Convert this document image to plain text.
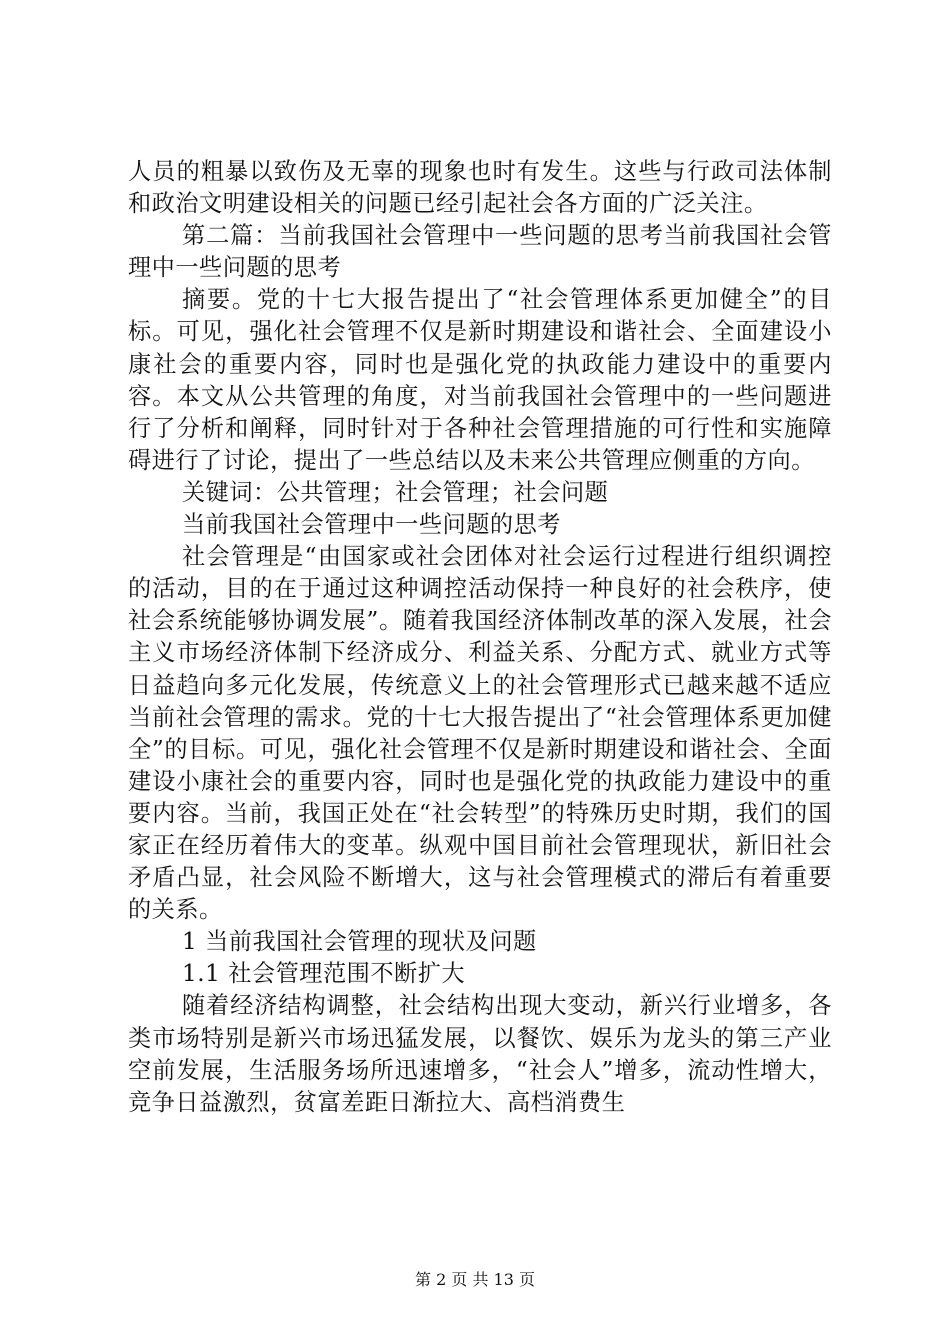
人员的粗暴以致伤及无辜的现象也时有发生。这些与行政司法体制和政治文明建设相关的问题已经引起社会各方面的广泛关注。

第二篇：当前我国社会管理中一些问题的思考当前我国社会管理中一些问题的思考

摘要。党的十七大报告提出了“社会管理体系更加健全”的目标。可见，强化社会管理不仅是新时期建设和谐社会、全面建设小康社会的重要内容，同时也是强化党的执政能力建设中的重要内容。本文从公共管理的角度，对当前我国社会管理中的一些问题进行了分析和阐释，同时针对于各种社会管理措施的可行性和实施障碍进行了讨论，提出了一些总结以及未来公共管理应侧重的方向。

关键词：公共管理；社会管理；社会问题

当前我国社会管理中一些问题的思考

社会管理是“由国家或社会团体对社会运行过程进行组织调控的活动，目的在于通过这种调控活动保持一种良好的社会秩序，使社会系统能够协调发展”。随着我国经济体制改革的深入发展，社会主义市场经济体制下经济成分、利益关系、分配方式、就业方式等日益趋向多元化发展，传统意义上的社会管理形式已越来越不适应当前社会管理的需求。党的十七大报告提出了“社会管理体系更加健全”的目标。可见，强化社会管理不仅是新时期建设和谐社会、全面建设小康社会的重要内容，同时也是强化党的执政能力建设中的重要内容。当前，我国正处在“社会转型”的特殊历史时期，我们的国家正在经历着伟大的变革。纵观中国目前社会管理现状，新旧社会矛盾凸显，社会风险不断增大，这与社会管理模式的滞后有着重要的关系。

1 当前我国社会管理的现状及问题

1.1 社会管理范围不断扩大

随着经济结构调整，社会结构出现大变动，新兴行业增多，各类市场特别是新兴市场迅猛发展，以餐饮、娱乐为龙头的第三产业空前发展，生活服务场所迅速增多，“社会人”增多，流动性增大，竞争日益激烈，贫富差距日渐拉大、高档消费生

第 2 页 共 13 页
